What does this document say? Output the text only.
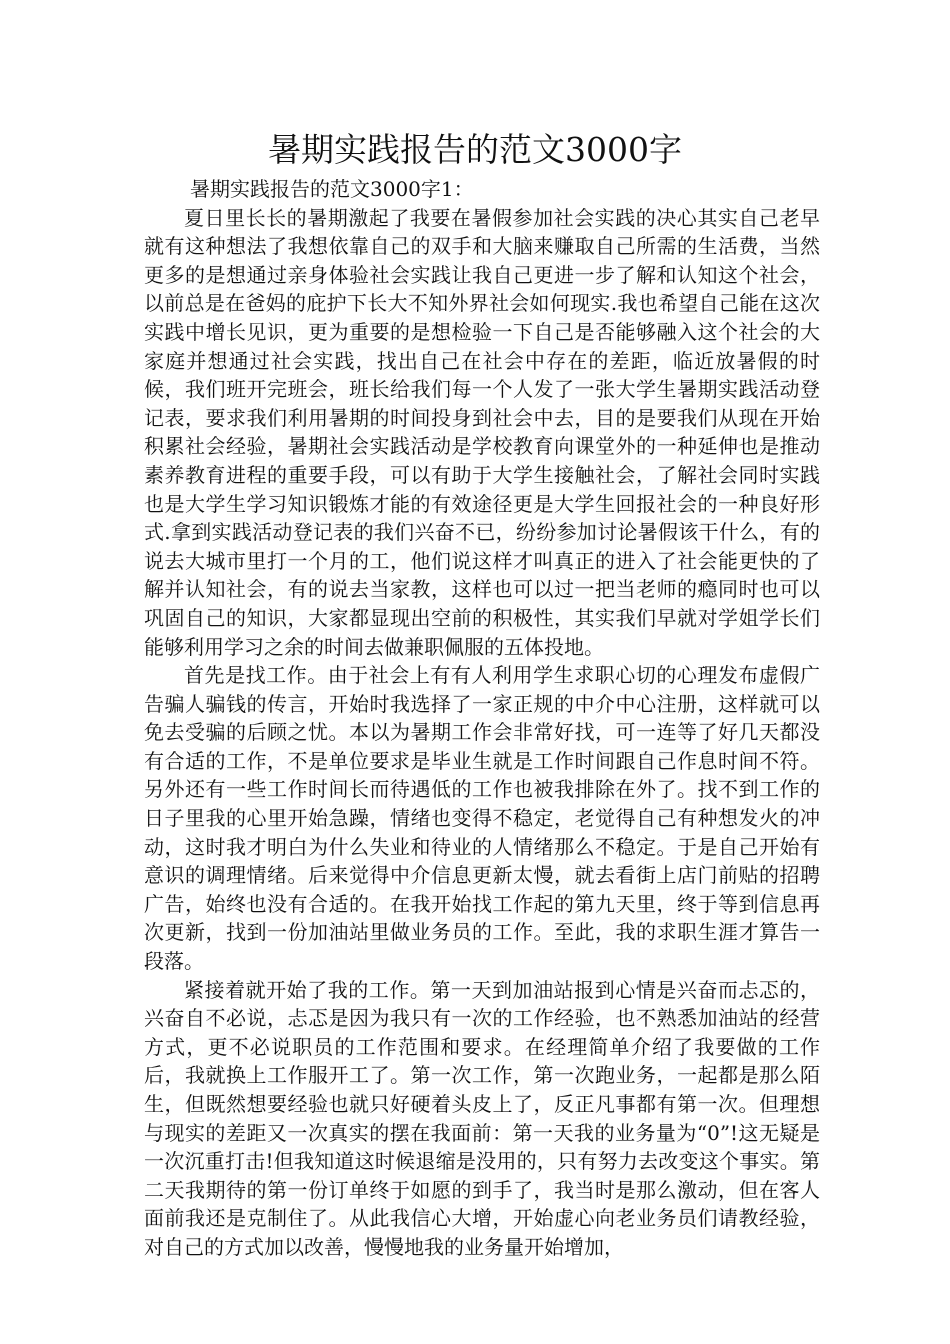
暑期实践报告的范文3000字

暑期实践报告的范文3000字1：

夏日里长长的暑期激起了我要在暑假参加社会实践的决心其实自己老早就有这种想法了我想依靠自己的双手和大脑来赚取自己所需的生活费，当然更多的是想通过亲身体验社会实践让我自己更进一步了解和认知这个社会，以前总是在爸妈的庇护下长大不知外界社会如何现实.我也希望自己能在这次实践中增长见识，更为重要的是想检验一下自己是否能够融入这个社会的大家庭并想通过社会实践，找出自己在社会中存在的差距，临近放暑假的时候，我们班开完班会，班长给我们每一个人发了一张大学生暑期实践活动登记表，要求我们利用暑期的时间投身到社会中去，目的是要我们从现在开始积累社会经验，暑期社会实践活动是学校教育向课堂外的一种延伸也是推动素养教育进程的重要手段，可以有助于大学生接触社会，了解社会同时实践也是大学生学习知识锻炼才能的有效途径更是大学生回报社会的一种良好形式.拿到实践活动登记表的我们兴奋不已，纷纷参加讨论暑假该干什么，有的说去大城市里打一个月的工，他们说这样才叫真正的进入了社会能更快的了解并认知社会，有的说去当家教，这样也可以过一把当老师的瘾同时也可以巩固自己的知识，大家都显现出空前的积极性，其实我们早就对学姐学长们能够利用学习之余的时间去做兼职佩服的五体投地。

首先是找工作。由于社会上有有人利用学生求职心切的心理发布虚假广告骗人骗钱的传言，开始时我选择了一家正规的中介中心注册，这样就可以免去受骗的后顾之忧。本以为暑期工作会非常好找，可一连等了好几天都没有合适的工作，不是单位要求是毕业生就是工作时间跟自己作息时间不符。另外还有一些工作时间长而待遇低的工作也被我排除在外了。找不到工作的日子里我的心里开始急躁，情绪也变得不稳定，老觉得自己有种想发火的冲动，这时我才明白为什么失业和待业的人情绪那么不稳定。于是自己开始有意识的调理情绪。后来觉得中介信息更新太慢，就去看街上店门前贴的招聘广告，始终也没有合适的。在我开始找工作起的第九天里，终于等到信息再次更新，找到一份加油站里做业务员的工作。至此，我的求职生涯才算告一段落。

紧接着就开始了我的工作。第一天到加油站报到心情是兴奋而忐忑的，兴奋自不必说，忐忑是因为我只有一次的工作经验，也不熟悉加油站的经营方式，更不必说职员的工作范围和要求。在经理简单介绍了我要做的工作后，我就换上工作服开工了。第一次工作，第一次跑业务，一起都是那么陌生，但既然想要经验也就只好硬着头皮上了，反正凡事都有第一次。但理想与现实的差距又一次真实的摆在我面前：第一天我的业务量为“0”!这无疑是一次沉重打击!但我知道这时候退缩是没用的，只有努力去改变这个事实。第二天我期待的第一份订单终于如愿的到手了，我当时是那么激动，但在客人面前我还是克制住了。从此我信心大增，开始虚心向老业务员们请教经验，对自己的方式加以改善，慢慢地我的业务量开始增加，
